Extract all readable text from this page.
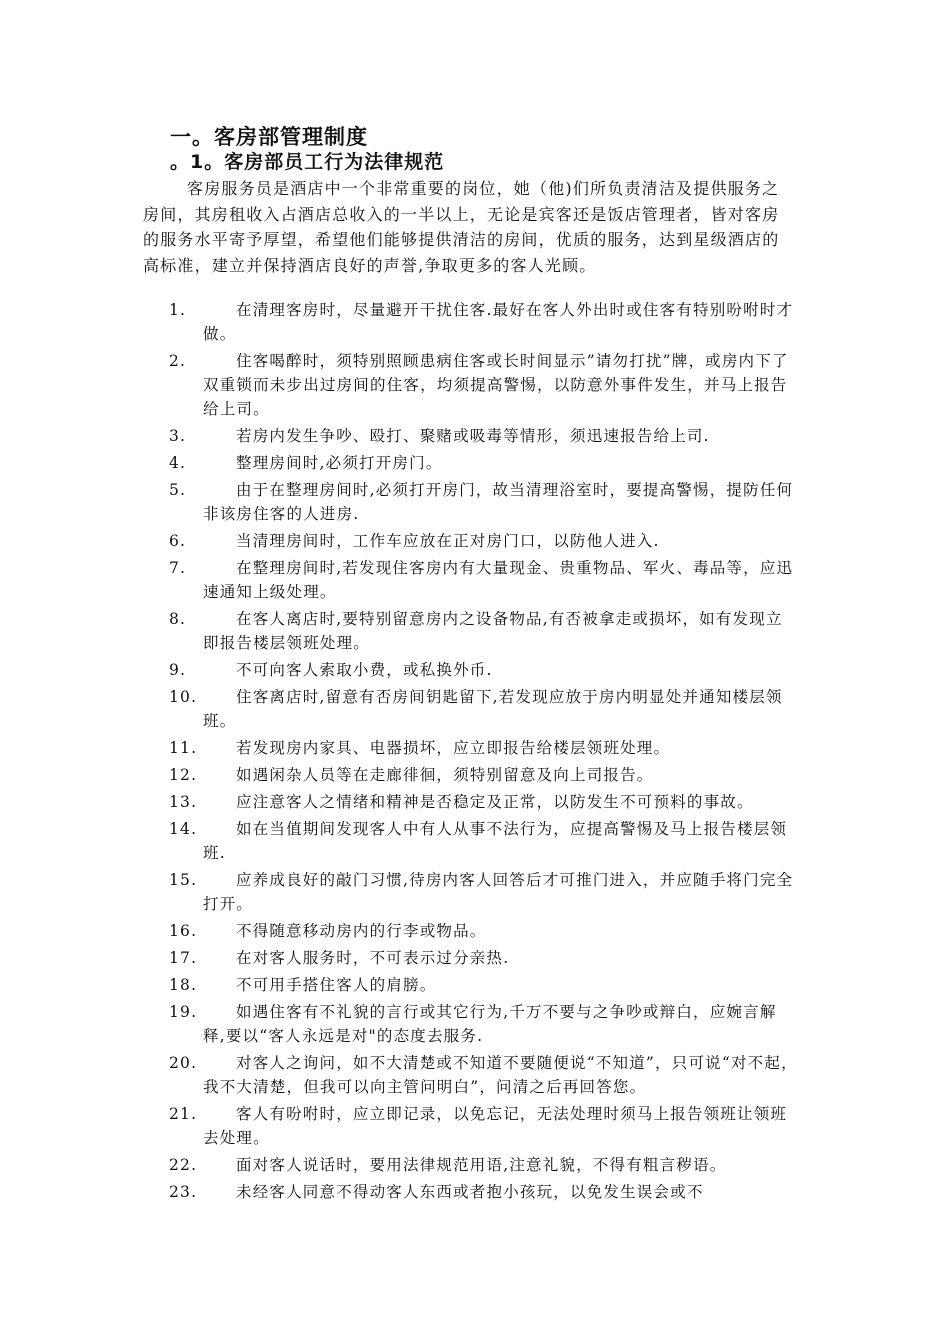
一。客房部管理制度
。1。客房部员工行为法律规范
客房服务员是酒店中一个非常重要的岗位，她（他)们所负责清洁及提供服务之房间，其房租收入占酒店总收入的一半以上，无论是宾客还是饭店管理者，皆对客房的服务水平寄予厚望，希望他们能够提供清洁的房间，优质的服务，达到星级酒店的高标准，建立并保持酒店良好的声誉,争取更多的客人光顾。
1.	在清理客房时，尽量避开干扰住客.最好在客人外出时或住客有特别吩咐时才做。
2.	住客喝醉时，须特别照顾患病住客或长时间显示”请勿打扰”牌，或房内下了双重锁而未步出过房间的住客，均须提高警惕，以防意外事件发生，并马上报告给上司。
3.	若房内发生争吵、殴打、聚赌或吸毒等情形，须迅速报告给上司.
4.	整理房间时,必须打开房门。
5.	由于在整理房间时,必须打开房门，故当清理浴室时，要提高警惕，提防任何非该房住客的人进房.
6.	当清理房间时，工作车应放在正对房门口，以防他人进入.
7.	在整理房间时,若发现住客房内有大量现金、贵重物品、军火、毒品等，应迅速通知上级处理。
8.	在客人离店时,要特别留意房内之设备物品,有否被拿走或损坏，如有发现立即报告楼层领班处理。
9.	不可向客人索取小费，或私换外币.
10.	住客离店时,留意有否房间钥匙留下,若发现应放于房内明显处并通知楼层领班。
11.	若发现房内家具、电器损坏，应立即报告给楼层领班处理。
12.	如遇闲杂人员等在走廊徘徊，须特别留意及向上司报告。
13.	应注意客人之情绪和精神是否稳定及正常，以防发生不可预料的事故。
14.	如在当值期间发现客人中有人从事不法行为，应提高警惕及马上报告楼层领班.
15.	应养成良好的敲门习惯,待房内客人回答后才可推门进入，并应随手将门完全打开。
16.	不得随意移动房内的行李或物品。
17.	在对客人服务时，不可表示过分亲热.
18.	不可用手搭住客人的肩膀。
19.	如遇住客有不礼貌的言行或其它行为,千万不要与之争吵或辩白，应婉言解释,要以“客人永远是对"的态度去服务.
20.	对客人之询问，如不大清楚或不知道不要随便说“不知道”，只可说“对不起，我不大清楚，但我可以向主管问明白”，问清之后再回答您。
21.	客人有吩咐时，应立即记录，以免忘记，无法处理时须马上报告领班让领班去处理。
22.	面对客人说话时，要用法律规范用语,注意礼貌，不得有粗言秽语。
23.	未经客人同意不得动客人东西或者抱小孩玩，以免发生误会或不
